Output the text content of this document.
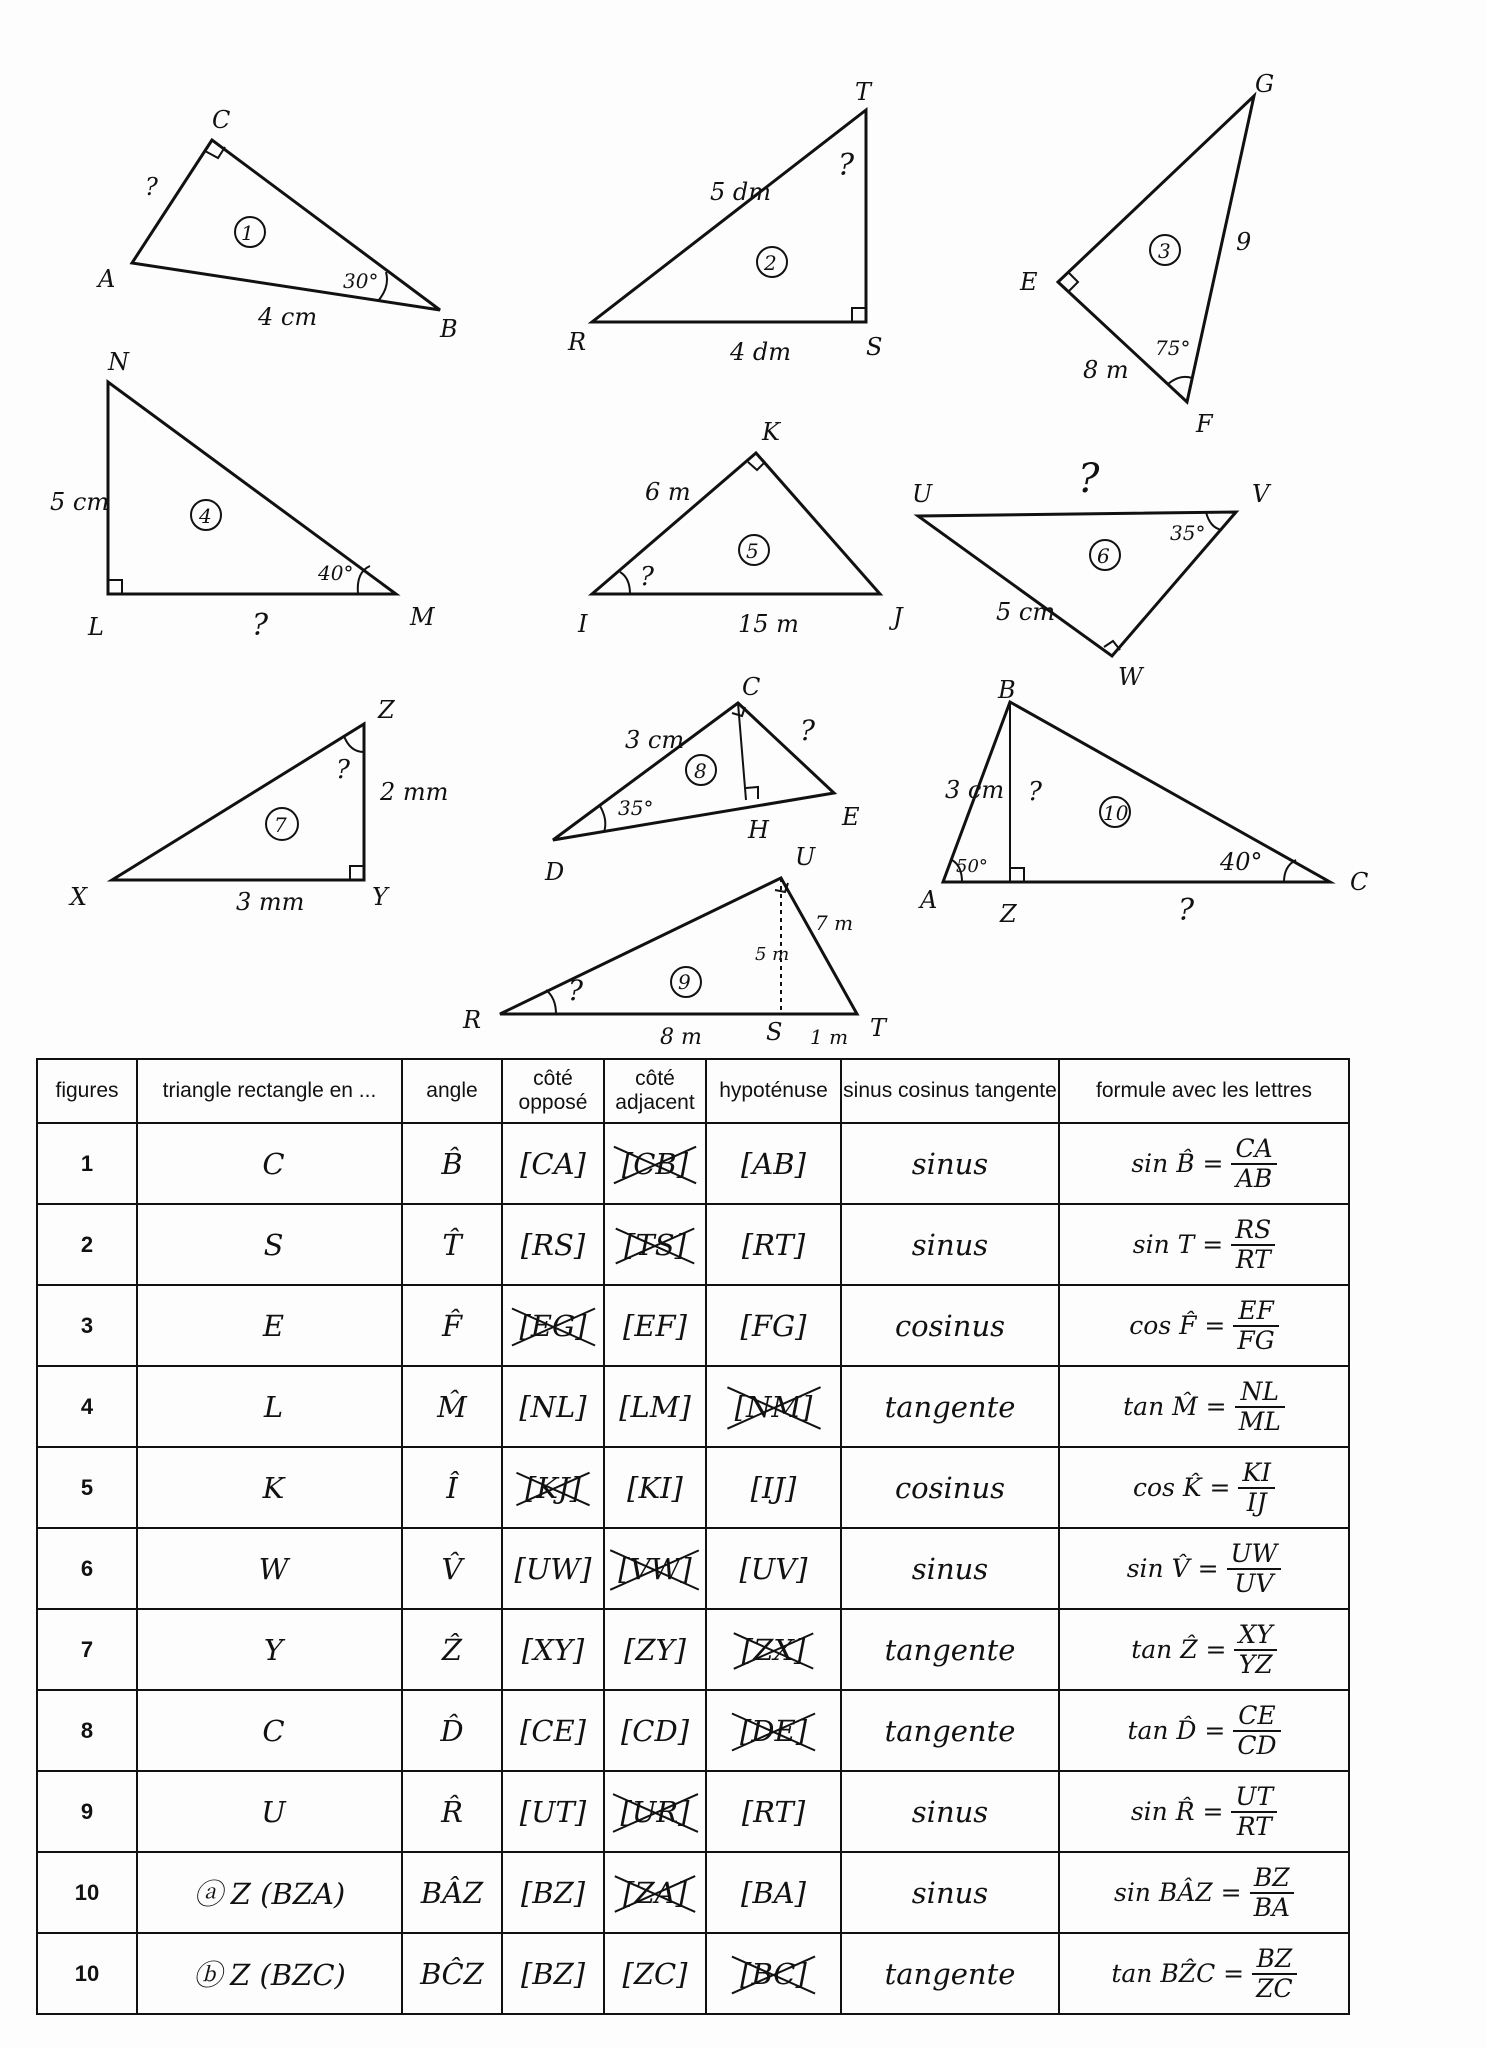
C
A
B
1
4 cm
?
30°
T
R	S
2
5 dm
4 dm
?
G
E
F
3
8 m
9
75°
N
L	M
4
5 cm
?
40°
K
I	J
5
6 m
15 m
?
U	V
W
6
5 cm
?
35°
Z
X	Y
7
2 mm
3 mm
?
C
D
E
H
8
3 cm	?
35°
U
R	S	T
9
5 m
7 m
8 m	1 m
?
B
A
C
Z
10
3 cm ?
?
50°	40°
figures	triangle rectangle en ...	angle	côté opposé	côté adjacent	hypoténuse	sinus cosinus tangente	formule avec les lettres
1	C	B̂	[CA]	[CB]	[AB]	sinus	sin B̂ = $\frac{CA}{AB}$

2	S	T̂	[RS]	[TS]	[RT]	sinus	$\sin T = \frac{RS}{RT}$

3	E	F̂	[EG]	[EF]	[FG]	cosinus	cos F̂ = $\frac{EF}{FG}$

4	L	M̂	[NL]	[LM]	[NM]	tangente	tan M̂ = $\frac{NL}{ML}$

5	K	Î	[KJ]	[KI]	[IJ]	cosinus	cos K̂ = $\frac{KI}{IJ}$

6	W	V̂	[UW]	[VW]	[UV]	sinus	sin V̂ = $\frac{UW}{UV}$

7	Y	Ẑ	[XY]	[ZY]	[ZX]	tangente	tan Ẑ = $\frac{XY}{YZ}$

8	C	D̂	[CE]	[CD]	[DE]	tangente	tan D̂ = $\frac{CE}{CD}$

9	U	R̂	[UT]	[UR]	[RT]	sinus	sin R̂ = $\frac{UT}{RT}$

10	ⓐ Z (BZA)	BÂZ	[BZ]	[ZA]	[BA]	sinus	sin BÂZ = $\frac{BZ}{BA}$

10	ⓑ Z (BZC)	BĈZ	[BZ]	[ZC]	[BC]	tangente	tan BẐC = $\frac{BZ}{ZC}$
